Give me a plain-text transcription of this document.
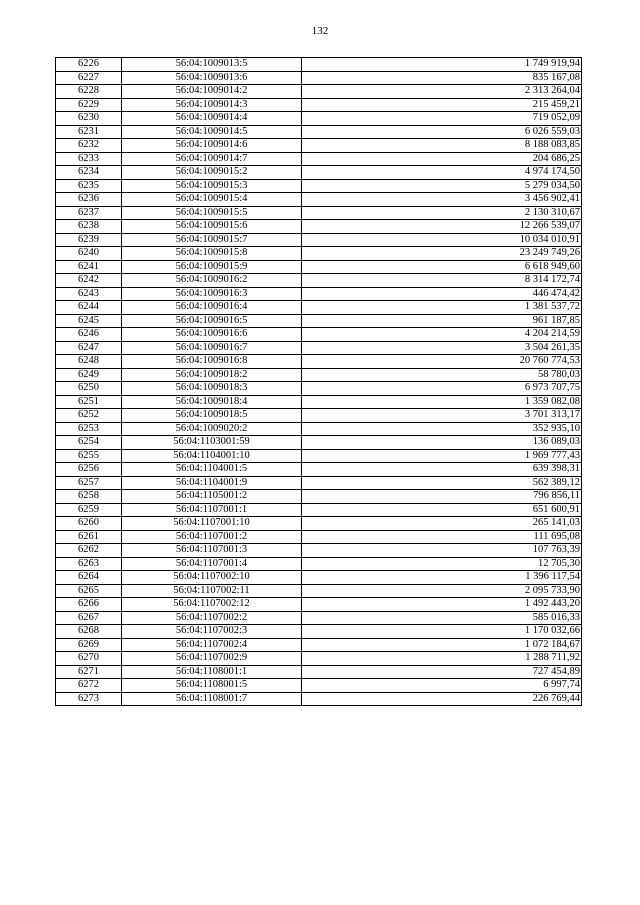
132
6226	56:04:1009013:5	1 749 919,94
6227	56:04:1009013:6	835 167,08
6228	56:04:1009014:2	2 313 264,04
6229	56:04:1009014:3	215 459,21
6230	56:04:1009014:4	719 052,09
6231	56:04:1009014:5	6 026 559,03
6232	56:04:1009014:6	8 188 083,85
6233	56:04:1009014:7	204 686,25
6234	56:04:1009015:2	4 974 174,50
6235	56:04:1009015:3	5 279 034,50
6236	56:04:1009015:4	3 456 902,41
6237	56:04:1009015:5	2 130 310,67
6238	56:04:1009015:6	12 266 539,07
6239	56:04:1009015:7	10 034 010,91
6240	56:04:1009015:8	23 249 749,26
6241	56:04:1009015:9	6 618 949,60
6242	56:04:1009016:2	8 314 172,74
6243	56:04:1009016:3	446 474,42
6244	56:04:1009016:4	1 381 537,72
6245	56:04:1009016:5	961 187,85
6246	56:04:1009016:6	4 204 214,59
6247	56:04:1009016:7	3 504 261,35
6248	56:04:1009016:8	20 760 774,53
6249	56:04:1009018:2	58 780,03
6250	56:04:1009018:3	6 973 707,75
6251	56:04:1009018:4	1 359 082,08
6252	56:04:1009018:5	3 701 313,17
6253	56:04:1009020:2	352 935,10
6254	56:04:1103001:59	136 089,03
6255	56:04:1104001:10	1 969 777,43
6256	56:04:1104001:5	639 398,31
6257	56:04:1104001:9	562 389,12
6258	56:04:1105001:2	796 856,11
6259	56:04:1107001:1	651 600,91
6260	56:04:1107001:10	265 141,03
6261	56:04:1107001:2	111 695,08
6262	56:04:1107001:3	107 763,39
6263	56:04:1107001:4	12 705,30
6264	56:04:1107002:10	1 396 117,54
6265	56:04:1107002:11	2 095 733,90
6266	56:04:1107002:12	1 492 443,20
6267	56:04:1107002:2	585 016,33
6268	56:04:1107002:3	1 170 032,66
6269	56:04:1107002:4	1 072 184,67
6270	56:04:1107002:9	1 288 711,92
6271	56:04:1108001:1	727 454,89
6272	56:04:1108001:5	6 997,74
6273	56:04:1108001:7	226 769,44
